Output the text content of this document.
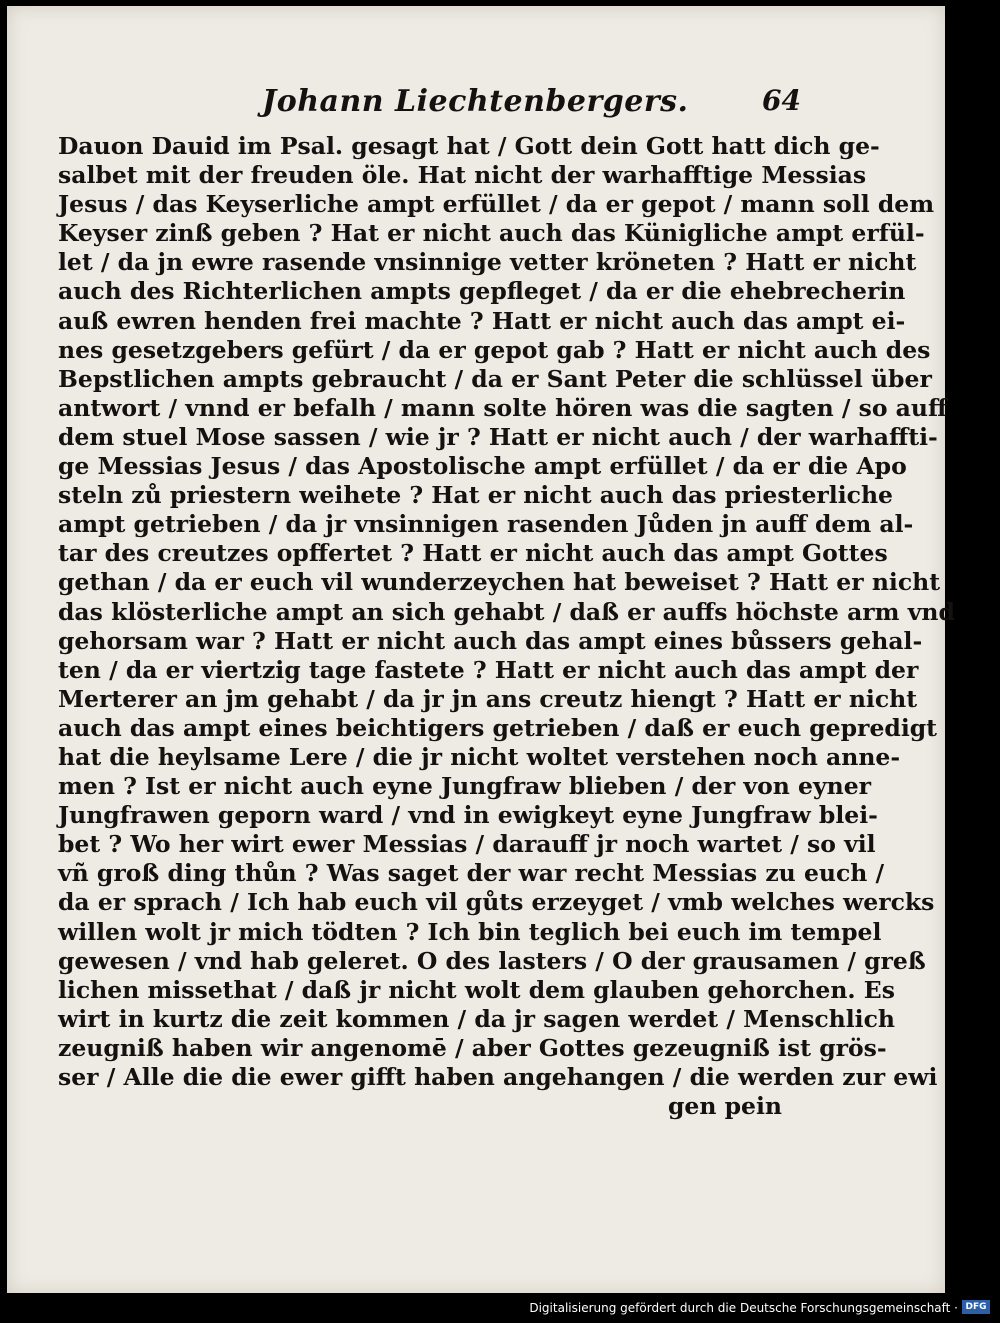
Johann Liechtenbergers.	64
Dauon Dauid im Psal. gesagt hat / Gott dein Gott hatt dich ge-
salbet mit der freuden öle. Hat nicht der warhafftige Messias
Jesus / das Keyserliche ampt erfüllet / da er gepot / mann soll dem
Keyser zinß geben ? Hat er nicht auch das Künigliche ampt erfül-
let / da jn ewre rasende vnsinnige vetter kröneten ? Hatt er nicht
auch des Richterlichen ampts gepfleget / da er die ehebrecherin
auß ewren henden frei machte ? Hatt er nicht auch das ampt ei-
nes gesetzgebers gefürt / da er gepot gab ? Hatt er nicht auch des
Bepstlichen ampts gebraucht / da er Sant Peter die schlüssel über
antwort / vnnd er befalh / mann solte hören was die sagten / so auff
dem stuel Mose sassen / wie jr ? Hatt er nicht auch / der warhaffti-
ge Messias Jesus / das Apostolische ampt erfüllet / da er die Apo
steln zů priestern weihete ? Hat er nicht auch das priesterliche
ampt getrieben / da jr vnsinnigen rasenden Jůden jn auff dem al-
tar des creutzes opffertet ? Hatt er nicht auch das ampt Gottes
gethan / da er euch vil wunderzeychen hat beweiset ? Hatt er nicht
das klösterliche ampt an sich gehabt / daß er auffs höchste arm vnd
gehorsam war ? Hatt er nicht auch das ampt eines bůssers gehal-
ten / da er viertzig tage fastete ? Hatt er nicht auch das ampt der
Merterer an jm gehabt / da jr jn ans creutz hiengt ? Hatt er nicht
auch das ampt eines beichtigers getrieben / daß er euch gepredigt
hat die heylsame Lere / die jr nicht woltet verstehen noch anne-
men ? Ist er nicht auch eyne Jungfraw blieben / der von eyner
Jungfrawen geporn ward / vnd in ewigkeyt eyne Jungfraw blei-
bet ? Wo her wirt ewer Messias / darauff jr noch wartet / so vil
vñ groß ding thůn ? Was saget der war recht Messias zu euch /
da er sprach / Ich hab euch vil gůts erzeyget / vmb welches wercks
willen wolt jr mich tödten ? Ich bin teglich bei euch im tempel
gewesen / vnd hab geleret. O des lasters / O der grausamen / greß
lichen missethat / daß jr nicht wolt dem glauben gehorchen. Es
wirt in kurtz die zeit kommen / da jr sagen werdet / Menschlich
zeugniß haben wir angenomē / aber Gottes gezeugniß ist grös-
ser / Alle die die ewer gifft haben angehangen / die werden zur ewi
gen pein
Digitalisierung gefördert durch die Deutsche Forschungsgemeinschaft · DFG
